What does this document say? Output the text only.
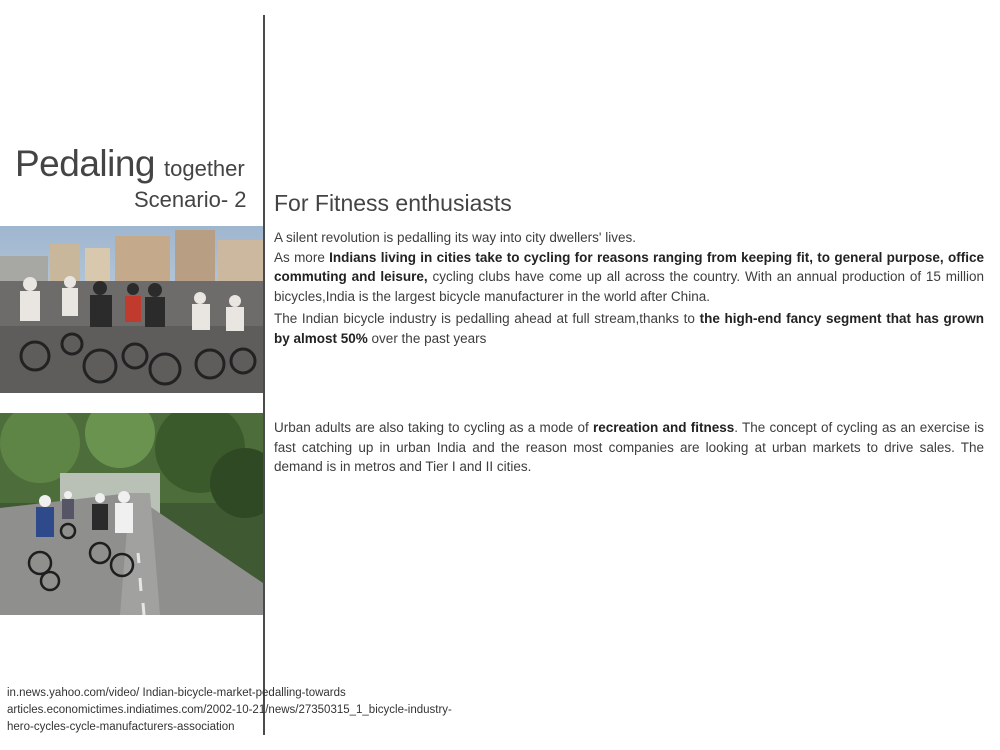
Pedaling together
Scenario- 2 For Fitness enthusiasts
A silent revolution is pedalling its way into city dwellers' lives.
As more Indians living in cities take to cycling for reasons ranging from keeping fit, to general purpose, office commuting and leisure, cycling clubs have come up all across the country. With an annual production of 15 million bicycles,India is the largest bicycle manufacturer in the world after China.
The Indian bicycle industry is pedalling ahead at full stream,thanks to the high-end fancy segment that has grown by almost 50% over the past years
Urban adults are also taking to cycling as a mode of recreation and fitness. The concept of cycling as an exercise is fast catching up in urban India and the reason most companies are looking at urban markets to drive sales. The demand is in metros and Tier I and II cities.
in.news.yahoo.com/video/ Indian-bicycle-market-pedalling-towards
articles.economictimes.indiatimes.com/2002-10-21/news/27350315_1_bicycle-industry-
hero-cycles-cycle-manufacturers-association
